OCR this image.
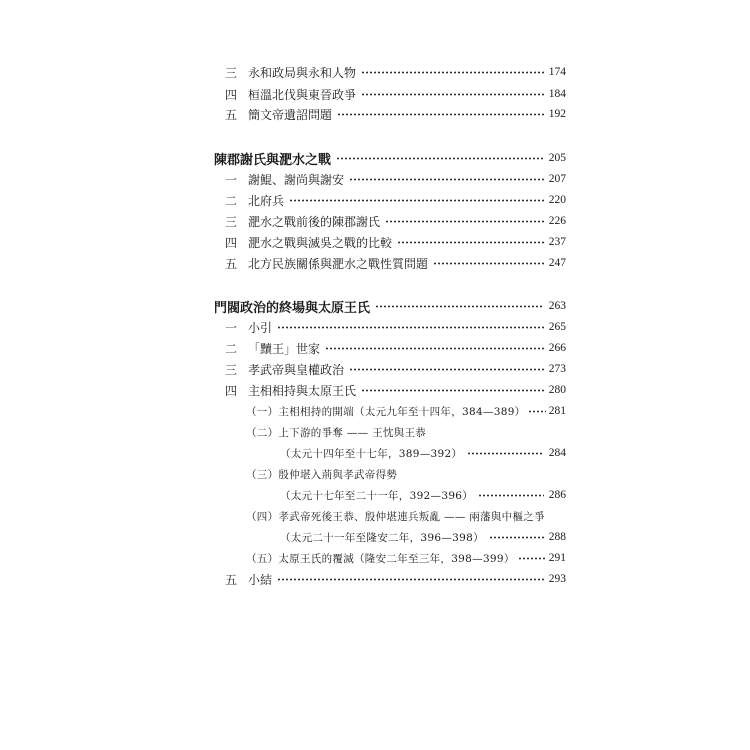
三 永和政局與永和人物	174
四 桓溫北伐與東晉政爭	184
五 簡文帝遺詔問題	192
陳郡謝氏與淝水之戰	205
一 謝鯤、謝尚與謝安	207
二 北府兵	220
三 淝水之戰前後的陳郡謝氏	226
四 淝水之戰與滅吳之戰的比較	237
五 北方民族關係與淝水之戰性質問題	247
門閥政治的終場與太原王氏	263
一 小引	265
二 「黷王」世家	266
三 孝武帝與皇權政治	273
四 主相相持與太原王氏	280
（一）主相相持的開端（太元九年至十四年，384—389） 281
（二）上下游的爭奪 —— 王忱與王恭
（太元十四年至十七年，389—392）	284
（三）殷仲堪入荊與孝武帝得勢
（太元十七年至二十一年，392—396）	286
（四）孝武帝死後王恭、殷仲堪連兵叛亂 —— 兩藩與中樞之爭
（太元二十一年至隆安二年，396—398）	288
（五）太原王氏的覆滅（隆安二年至三年，398—399）	291
五 小結	293
